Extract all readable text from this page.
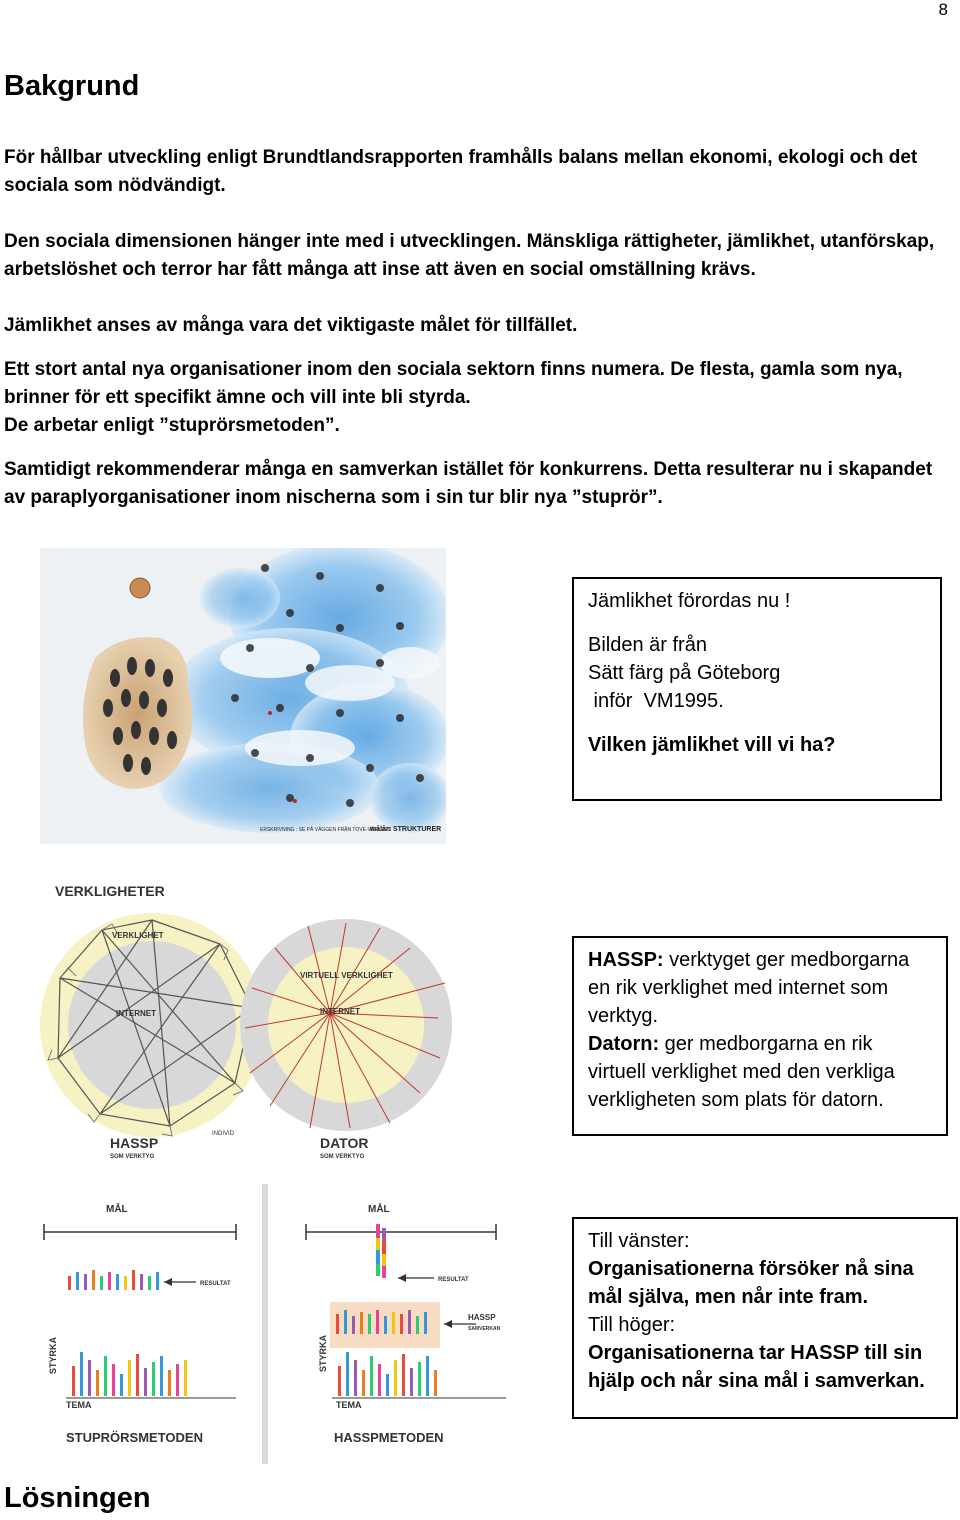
8
Bakgrund

För hållbar utveckling enligt Brundtlandsrapporten framhålls balans mellan ekonomi, ekologi och det sociala som nödvändigt.

Den sociala dimensionen hänger inte med i utvecklingen. Mänskliga rättigheter, jämlikhet, utanförskap, arbetslöshet och terror har fått många att inse att även en social omställning krävs.

Jämlikhet anses av många vara det viktigaste målet för tillfället.

Ett stort antal nya organisationer inom den sociala sektorn finns numera. De flesta, gamla som nya, brinner för ett specifikt ämne och vill inte bli styrda.

De arbetar enligt ”stuprörsmetoden”.

Samtidigt rekommenderar många en samverkan istället för konkurrens. Detta resulterar nu i skapandet av paraplyorganisationer inom nischerna som i sin tur blir nya ”stuprör”.

ERSKRIVNING : SE PÅ VÄGGEN FRÅN TOVE-VÄRLDEN
målår: STRUKTURER

Jämlikhet förordas nu !

Bilden är från

Sätt färg på Göteborg

inför  VM1995.

Vilken jämlikhet vill vi ha?

VERKLIGHETER
VERKLIGHET
INTERNET
VIRTUELL VERKLIGHET
INTERNET
INDIVID
HASSP
SOM VERKTYG
DATOR
SOM VERKTYG

HASSP: verktyget ger medborgarna en rik verklighet med internet som verktyg.

Datorn: ger medborgarna en rik virtuell verklighet med den verkliga verkligheten som plats för datorn.

MÅL
RESULTAT
STYRKA
TEMA
STUPRÖRSMETODEN
MÅL
RESULTAT
HASSP
SAMVERKAN
STYRKA
TEMA
HASSPMETODEN

Till vänster:

Organisationerna försöker nå sina mål själva, men når inte fram.

Till höger:

Organisationerna tar HASSP till sin hjälp och når sina mål i samverkan.

Lösningen
